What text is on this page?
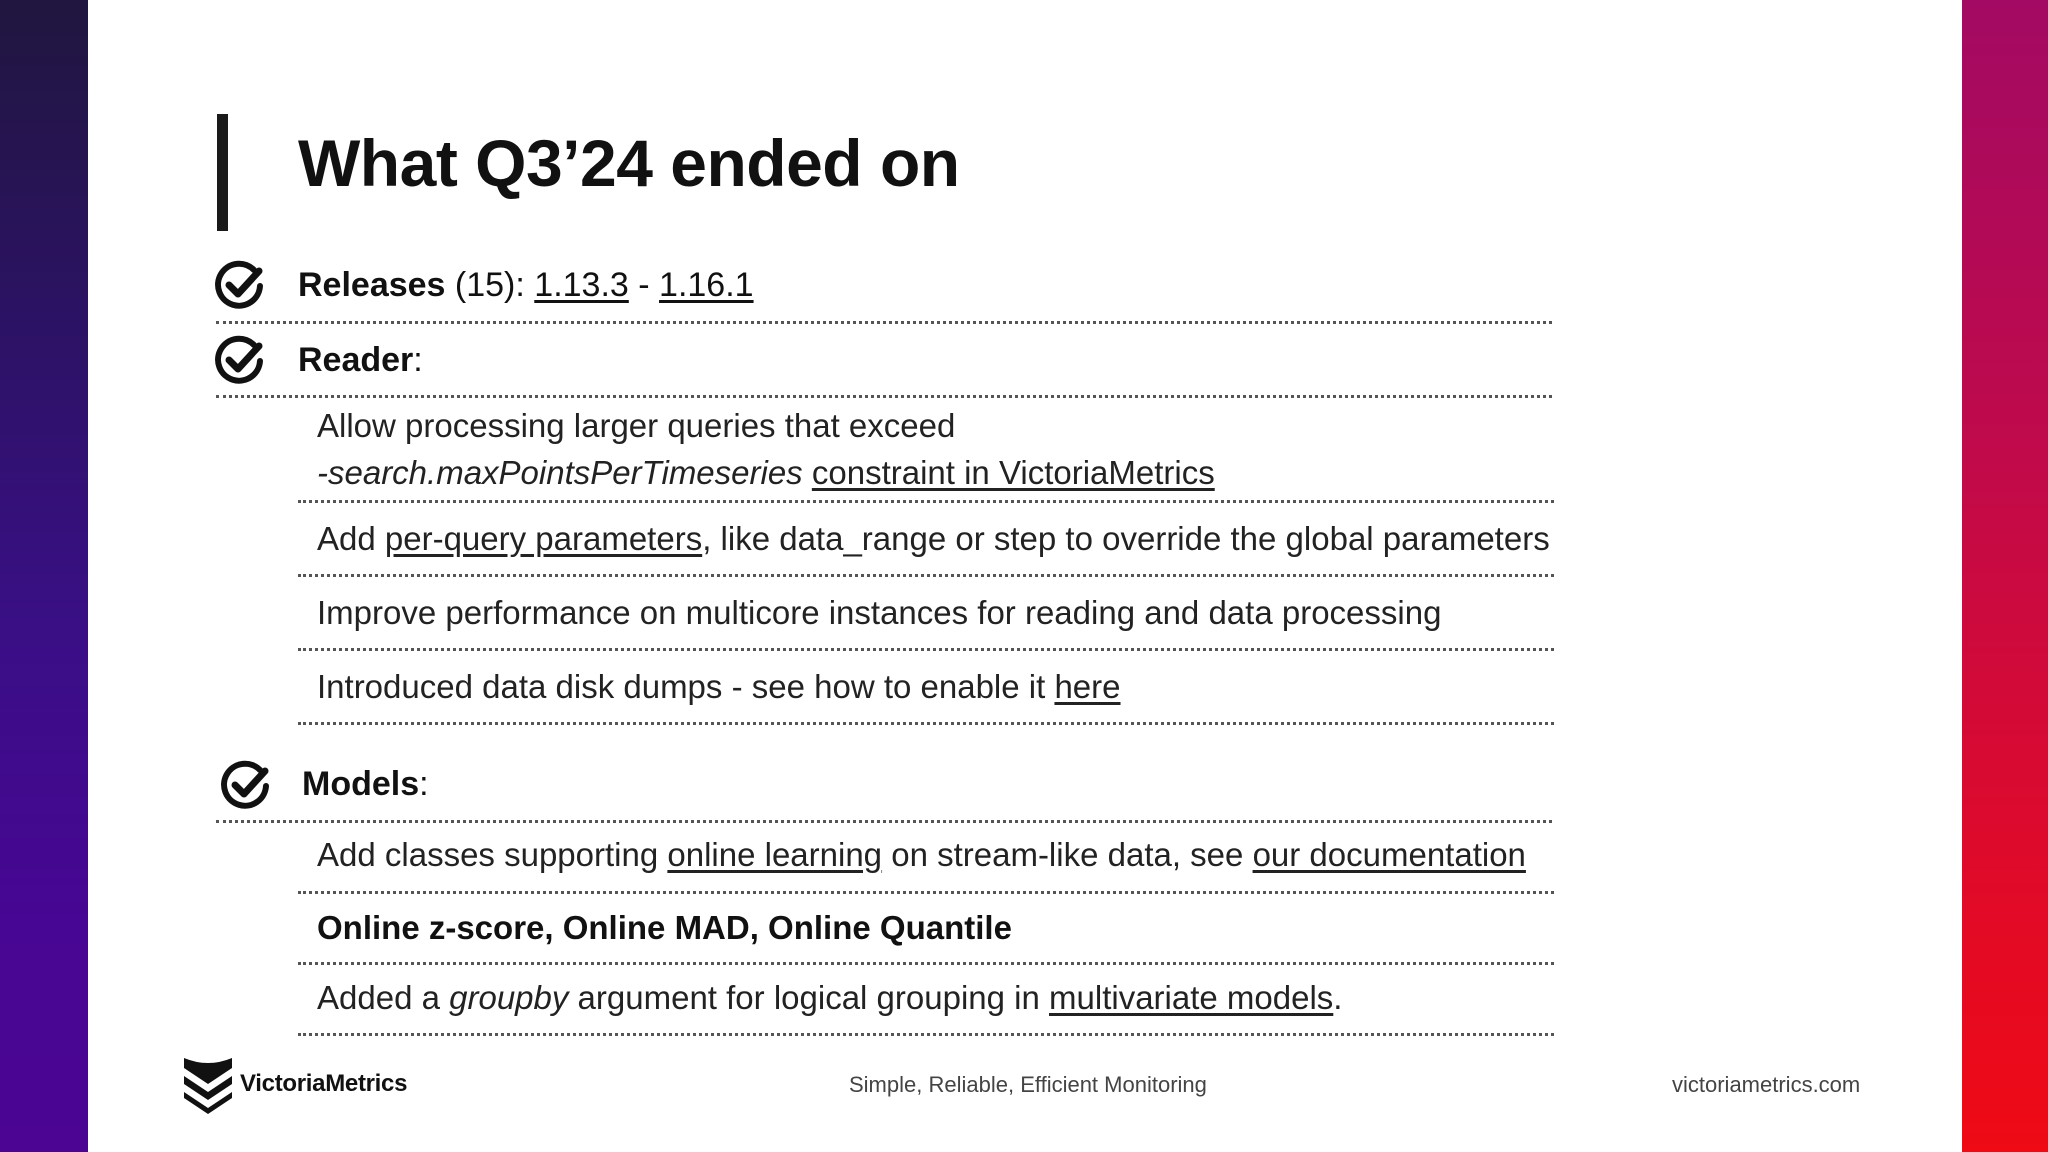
What Q3’24 ended on
Releases (15): 1.13.3 - 1.16.1
Reader:
Allow processing larger queries that exceed
-search.maxPointsPerTimeseries constraint in VictoriaMetrics
Add per-query parameters, like data_range or step to override the global parameters
Improve performance on multicore instances for reading and data processing
Introduced data disk dumps - see how to enable it here
Models:
Add classes supporting online learning on stream-like data, see our documentation
Online z-score, Online MAD, Online Quantile
Added a groupby argument for logical grouping in multivariate models.
VictoriaMetrics	Simple, Reliable, Efficient Monitoring	victoriametrics.com
